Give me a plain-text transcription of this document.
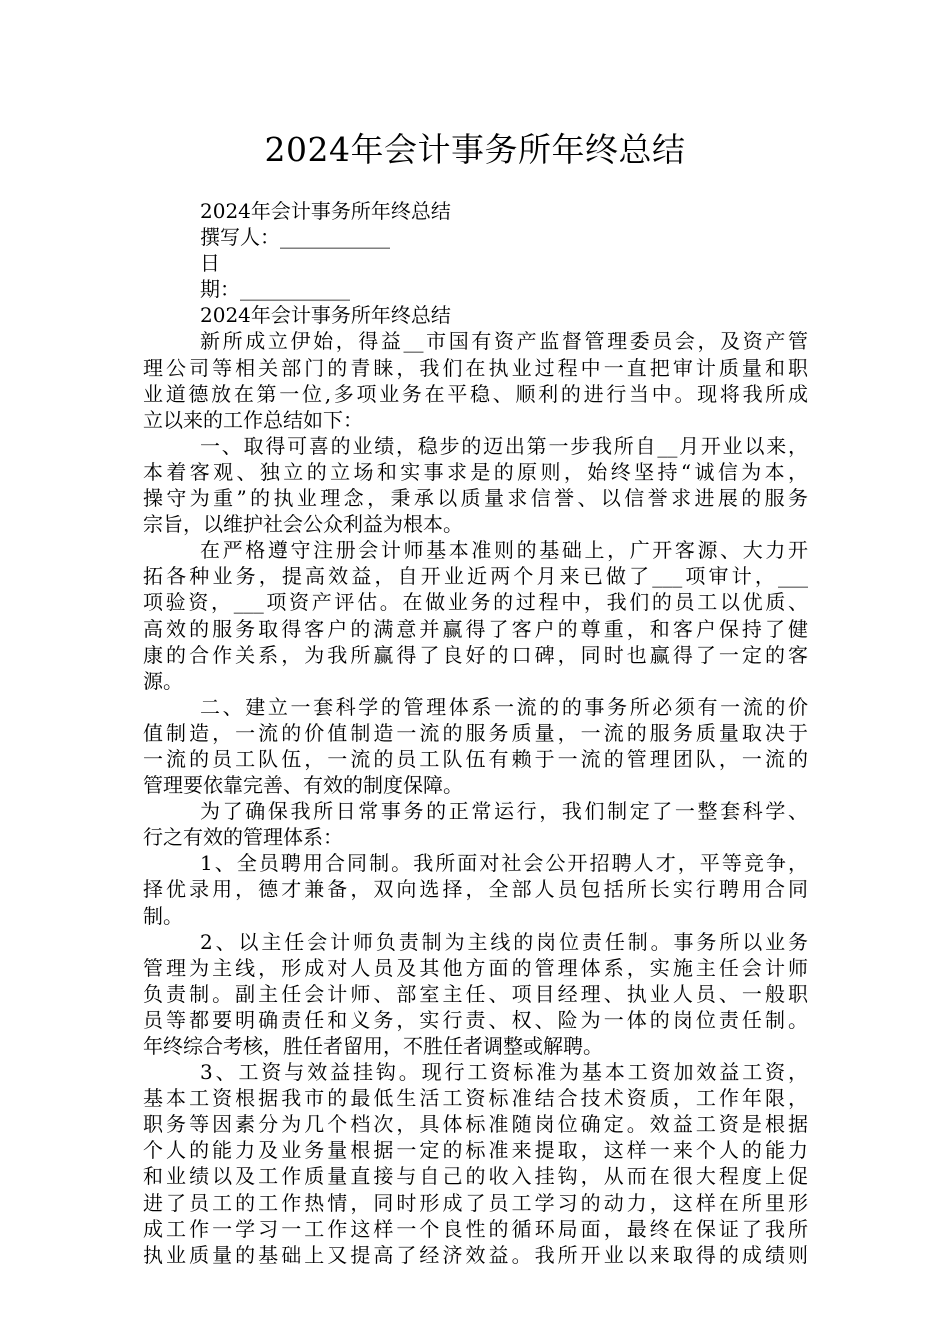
2024年会计事务所年终总结
2024年会计事务所年终总结
撰写人：___________
日
期：___________
2024年会计事务所年终总结
新所成立伊始，得益__市国有资产监督管理委员会，及资产管
理公司等相关部门的青睐，我们在执业过程中一直把审计质量和职
业道德放在第一位,多项业务在平稳、顺利的进行当中。现将我所成
立以来的工作总结如下：
一、取得可喜的业绩，稳步的迈出第一步我所自__月开业以来，
本着客观、独立的立场和实事求是的原则，始终坚持“诚信为本，
操守为重”的执业理念，秉承以质量求信誉、以信誉求进展的服务
宗旨，以维护社会公众利益为根本。
在严格遵守注册会计师基本准则的基础上，广开客源、大力开
拓各种业务，提高效益，自开业近两个月来已做了___项审计，___
项验资，___项资产评估。在做业务的过程中，我们的员工以优质、
高效的服务取得客户的满意并赢得了客户的尊重，和客户保持了健
康的合作关系，为我所赢得了良好的口碑，同时也赢得了一定的客
源。
二、建立一套科学的管理体系一流的的事务所必须有一流的价
值制造，一流的价值制造一流的服务质量，一流的服务质量取决于
一流的员工队伍，一流的员工队伍有赖于一流的管理团队，一流的
管理要依靠完善、有效的制度保障。
为了确保我所日常事务的正常运行，我们制定了一整套科学、
行之有效的管理体系：
1、全员聘用合同制。我所面对社会公开招聘人才，平等竞争，
择优录用，德才兼备，双向选择，全部人员包括所长实行聘用合同
制。
2、以主任会计师负责制为主线的岗位责任制。事务所以业务
管理为主线，形成对人员及其他方面的管理体系，实施主任会计师
负责制。副主任会计师、部室主任、项目经理、执业人员、一般职
员等都要明确责任和义务，实行责、权、险为一体的岗位责任制。
年终综合考核，胜任者留用，不胜任者调整或解聘。
3、工资与效益挂钩。现行工资标准为基本工资加效益工资，
基本工资根据我市的最低生活工资标准结合技术资质，工作年限，
职务等因素分为几个档次，具体标准随岗位确定。效益工资是根据
个人的能力及业务量根据一定的标准来提取，这样一来个人的能力
和业绩以及工作质量直接与自己的收入挂钩，从而在很大程度上促
进了员工的工作热情，同时形成了员工学习的动力，这样在所里形
成工作一学习一工作这样一个良性的循环局面，最终在保证了我所
执业质量的基础上又提高了经济效益。我所开业以来取得的成绩则
